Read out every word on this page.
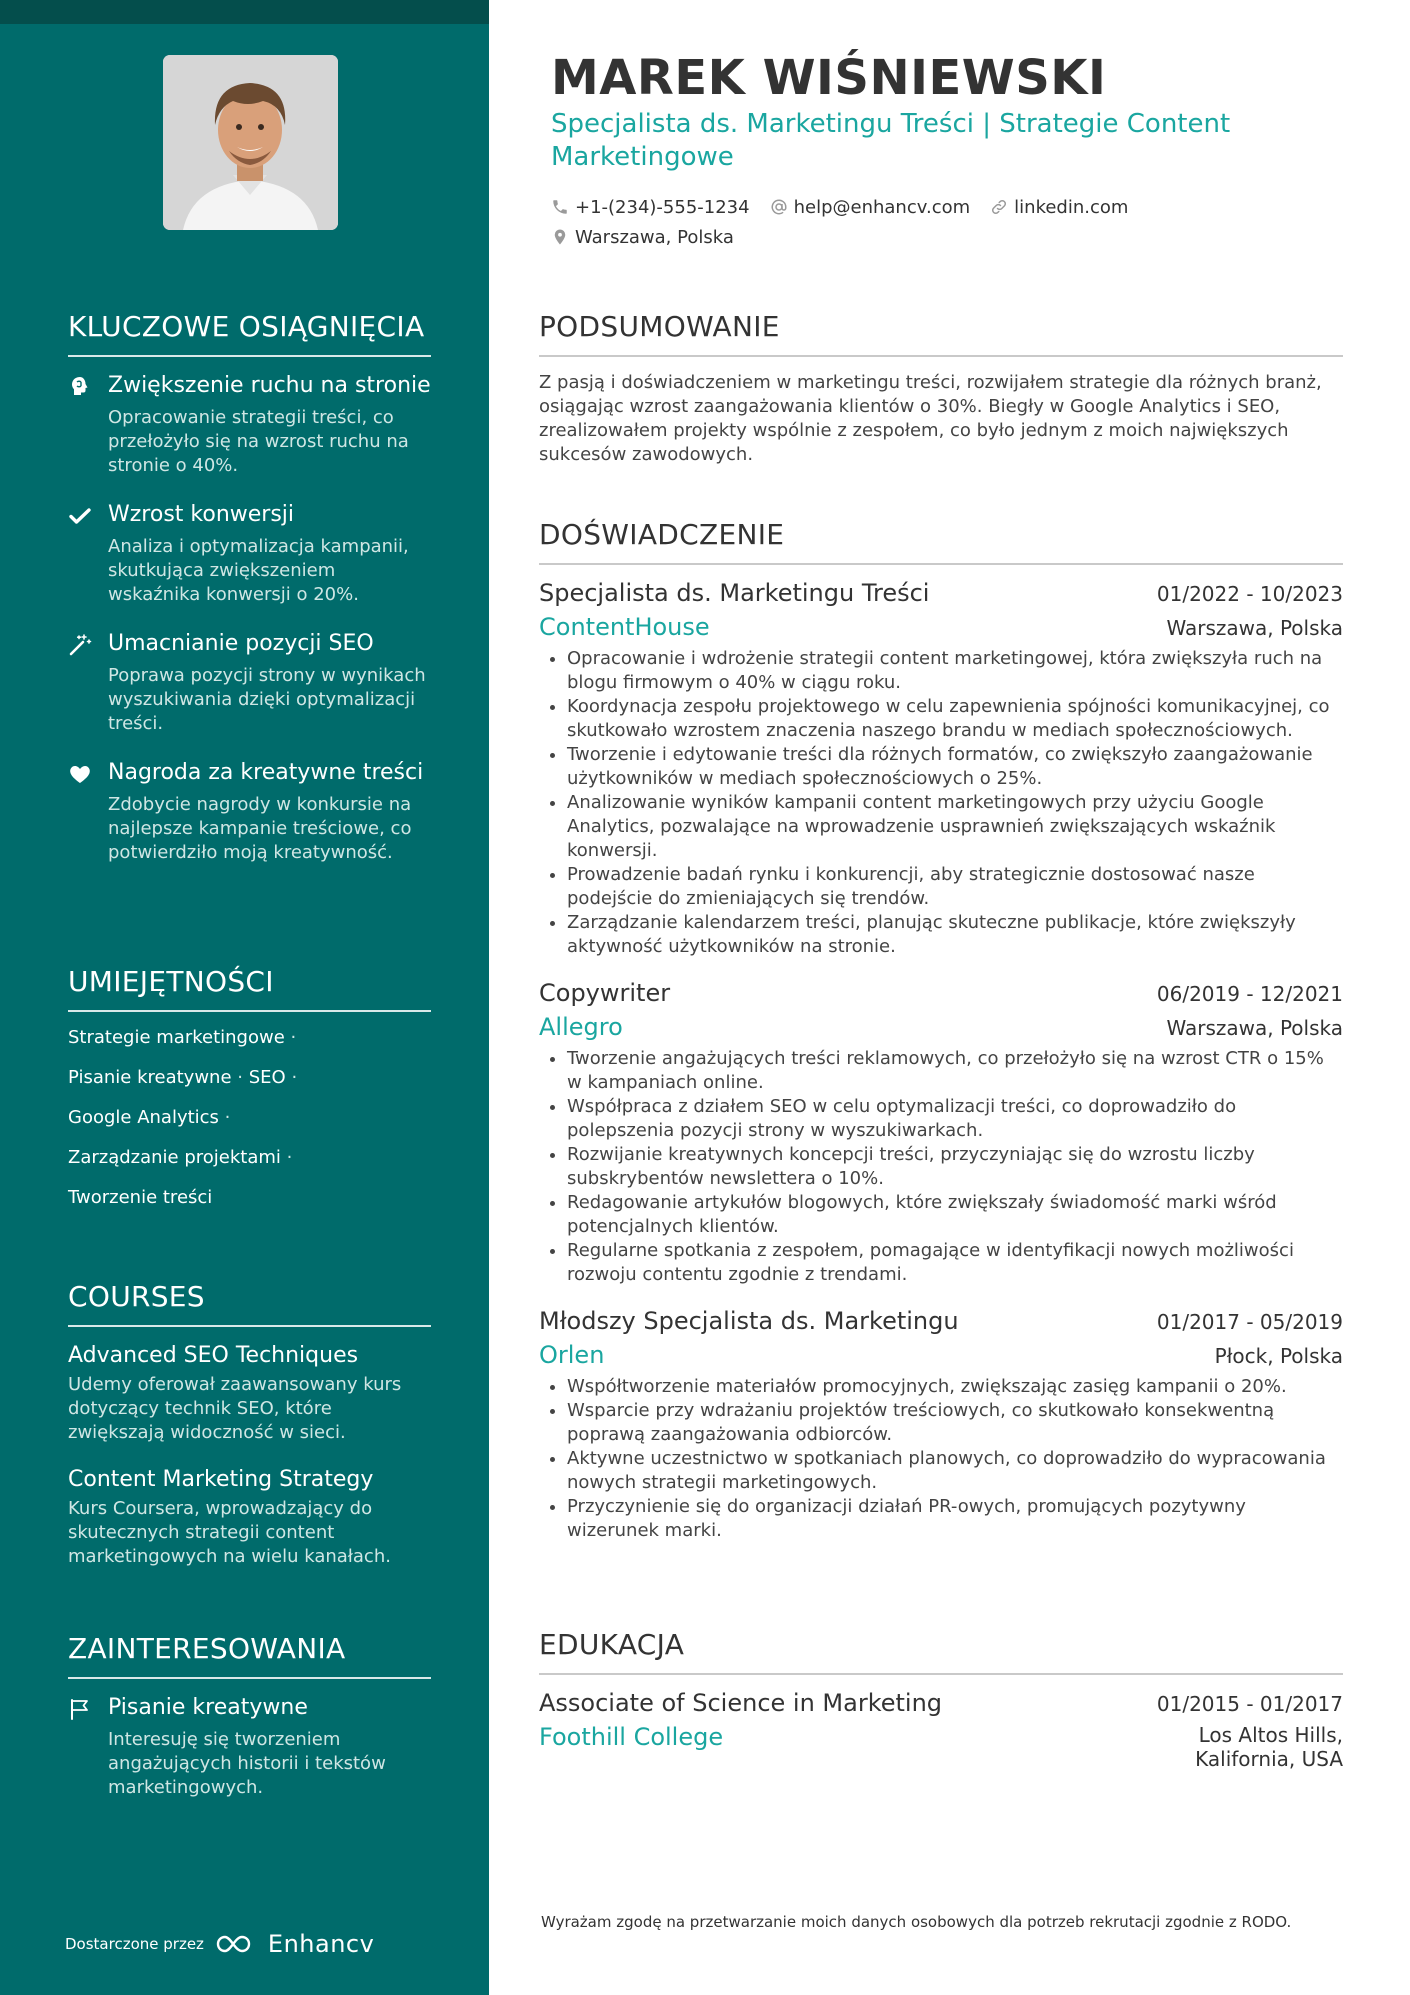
KLUCZOWE OSIĄGNIĘCIA
Zwiększenie ruchu na stronie
Opracowanie strategii treści, co przełożyło się na wzrost ruchu na stronie o 40%.
Wzrost konwersji
Analiza i optymalizacja kampanii, skutkująca zwiększeniem wskaźnika konwersji o 20%.
Umacnianie pozycji SEO
Poprawa pozycji strony w wynikach wyszukiwania dzięki optymalizacji treści.
Nagroda za kreatywne treści
Zdobycie nagrody w konkursie na najlepsze kampanie treściowe, co potwierdziło moją kreatywność.
UMIEJĘTNOŚCI
Strategie marketingowe ·
Pisanie kreatywne · SEO ·
Google Analytics ·
Zarządzanie projektami ·
Tworzenie treści
COURSES
Advanced SEO Techniques
Udemy oferował zaawansowany kurs dotyczący technik SEO, które zwiększają widoczność w sieci.
Content Marketing Strategy
Kurs Coursera, wprowadzający do skutecznych strategii content marketingowych na wielu kanałach.
ZAINTERESOWANIA
Pisanie kreatywne
Interesuję się tworzeniem angażujących historii i tekstów marketingowych.
Dostarczone przez	Enhancv
MAREK WIŚNIEWSKI
Specjalista ds. Marketingu Treści | Strategie Content Marketingowe
+1-(234)-555-1234 help@enhancv.com linkedin.com
Warszawa, Polska
PODSUMOWANIE

Z pasją i doświadczeniem w marketingu treści, rozwijałem strategie dla różnych branż, osiągając wzrost zaangażowania klientów o 30%. Biegły w Google Analytics i SEO, zrealizowałem projekty wspólnie z zespołem, co było jednym z moich największych sukcesów zawodowych.

DOŚWIADCZENIE
Specjalista ds. Marketingu Treści	01/2022 - 10/2023
ContentHouse	Warszawa, Polska
• Opracowanie i wdrożenie strategii content marketingowej, która zwiększyła ruch na blogu firmowym o 40% w ciągu roku.
• Koordynacja zespołu projektowego w celu zapewnienia spójności komunikacyjnej, co skutkowało wzrostem znaczenia naszego brandu w mediach społecznościowych.
• Tworzenie i edytowanie treści dla różnych formatów, co zwiększyło zaangażowanie użytkowników w mediach społecznościowych o 25%.
• Analizowanie wyników kampanii content marketingowych przy użyciu Google Analytics, pozwalające na wprowadzenie usprawnień zwiększających wskaźnik konwersji.
• Prowadzenie badań rynku i konkurencji, aby strategicznie dostosować nasze podejście do zmieniających się trendów.
• Zarządzanie kalendarzem treści, planując skuteczne publikacje, które zwiększyły aktywność użytkowników na stronie.
Copywriter	06/2019 - 12/2021
Allegro	Warszawa, Polska
• Tworzenie angażujących treści reklamowych, co przełożyło się na wzrost CTR o 15% w kampaniach online.
• Współpraca z działem SEO w celu optymalizacji treści, co doprowadziło do polepszenia pozycji strony w wyszukiwarkach.
• Rozwijanie kreatywnych koncepcji treści, przyczyniając się do wzrostu liczby subskrybentów newslettera o 10%.
• Redagowanie artykułów blogowych, które zwiększały świadomość marki wśród potencjalnych klientów.
• Regularne spotkania z zespołem, pomagające w identyfikacji nowych możliwości rozwoju contentu zgodnie z trendami.
Młodszy Specjalista ds. Marketingu	01/2017 - 05/2019
Orlen	Płock, Polska
• Współtworzenie materiałów promocyjnych, zwiększając zasięg kampanii o 20%.
• Wsparcie przy wdrażaniu projektów treściowych, co skutkowało konsekwentną poprawą zaangażowania odbiorców.
• Aktywne uczestnictwo w spotkaniach planowych, co doprowadziło do wypracowania nowych strategii marketingowych.
• Przyczynienie się do organizacji działań PR-owych, promujących pozytywny wizerunek marki.
EDUKACJA
Associate of Science in Marketing	01/2015 - 01/2017
Foothill College	Los Altos Hills,
Kalifornia, USA
Wyrażam zgodę na przetwarzanie moich danych osobowych dla potrzeb rekrutacji zgodnie z RODO.
